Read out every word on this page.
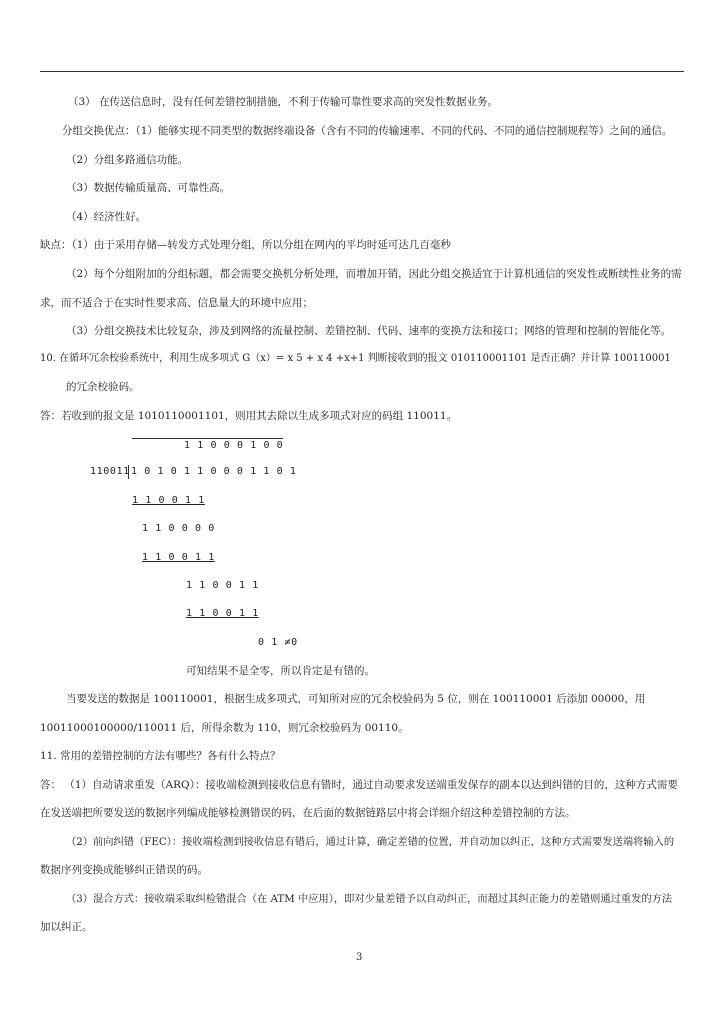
（3） 在传送信息时，没有任何差错控制措施，不利于传输可靠性要求高的突发性数据业务。
分组交换优点：（1）能够实现不同类型的数据终端设备（含有不同的传输速率、不同的代码、不同的通信控制规程等）之间的通信。
（2）分组多路通信功能。
（3）数据传输质量高、可靠性高。
（4）经济性好。
缺点：（1）由于采用存储—转发方式处理分组，所以分组在网内的平均时延可达几百毫秒
（2）每个分组附加的分组标题，都会需要交换机分析处理，而增加开销，因此分组交换适宜于计算机通信的突发性或断续性业务的需
求，而不适合于在实时性要求高、信息量大的环境中应用；
（3）分组交换技术比较复杂，涉及到网络的流量控制、差错控制、代码、速率的变换方法和接口；网络的管理和控制的智能化等。
10. 在循环冗余校验系统中，利用生成多项式 G（x）= x 5 + x 4 +x+1 判断接收到的报文 010110001101 是否正确？并计算 100110001
的冗余校验码。
答：若收到的报文是 1010110001101，则用其去除以生成多项式对应的码组 110011。
1 1 0 0 0 1 0 0
110011 1 0 1 0 1 1 0 0 0 1 1 0 1
1 1 0 0 1 1
1 1 0 0 0 0
1 1 0 0 1 1
1 1 0 0 1 1
1 1 0 0 1 1
0 1 ≠0
可知结果不是全零，所以肯定是有错的。
当要发送的数据是 100110001，根据生成多项式，可知所对应的冗余校验码为 5 位，则在 100110001 后添加 00000，用
10011000100000/110011 后，所得余数为 110，则冗余校验码为 00110。
11. 常用的差错控制的方法有哪些？各有什么特点？
答： （1）自动请求重发（ARQ）：接收端检测到接收信息有错时，通过自动要求发送端重发保存的副本以达到纠错的目的，这种方式需要
在发送端把所要发送的数据序列编成能够检测错误的码，在后面的数据链路层中将会详细介绍这种差错控制的方法。
（2）前向纠错（FEC）：接收端检测到接收信息有错后，通过计算，确定差错的位置，并自动加以纠正，这种方式需要发送端将输入的
数据序列变换成能够纠正错误的码。
（3）混合方式：接收端采取纠检错混合（在 ATM 中应用），即对少量差错予以自动纠正，而超过其纠正能力的差错则通过重发的方法
加以纠正。
3
